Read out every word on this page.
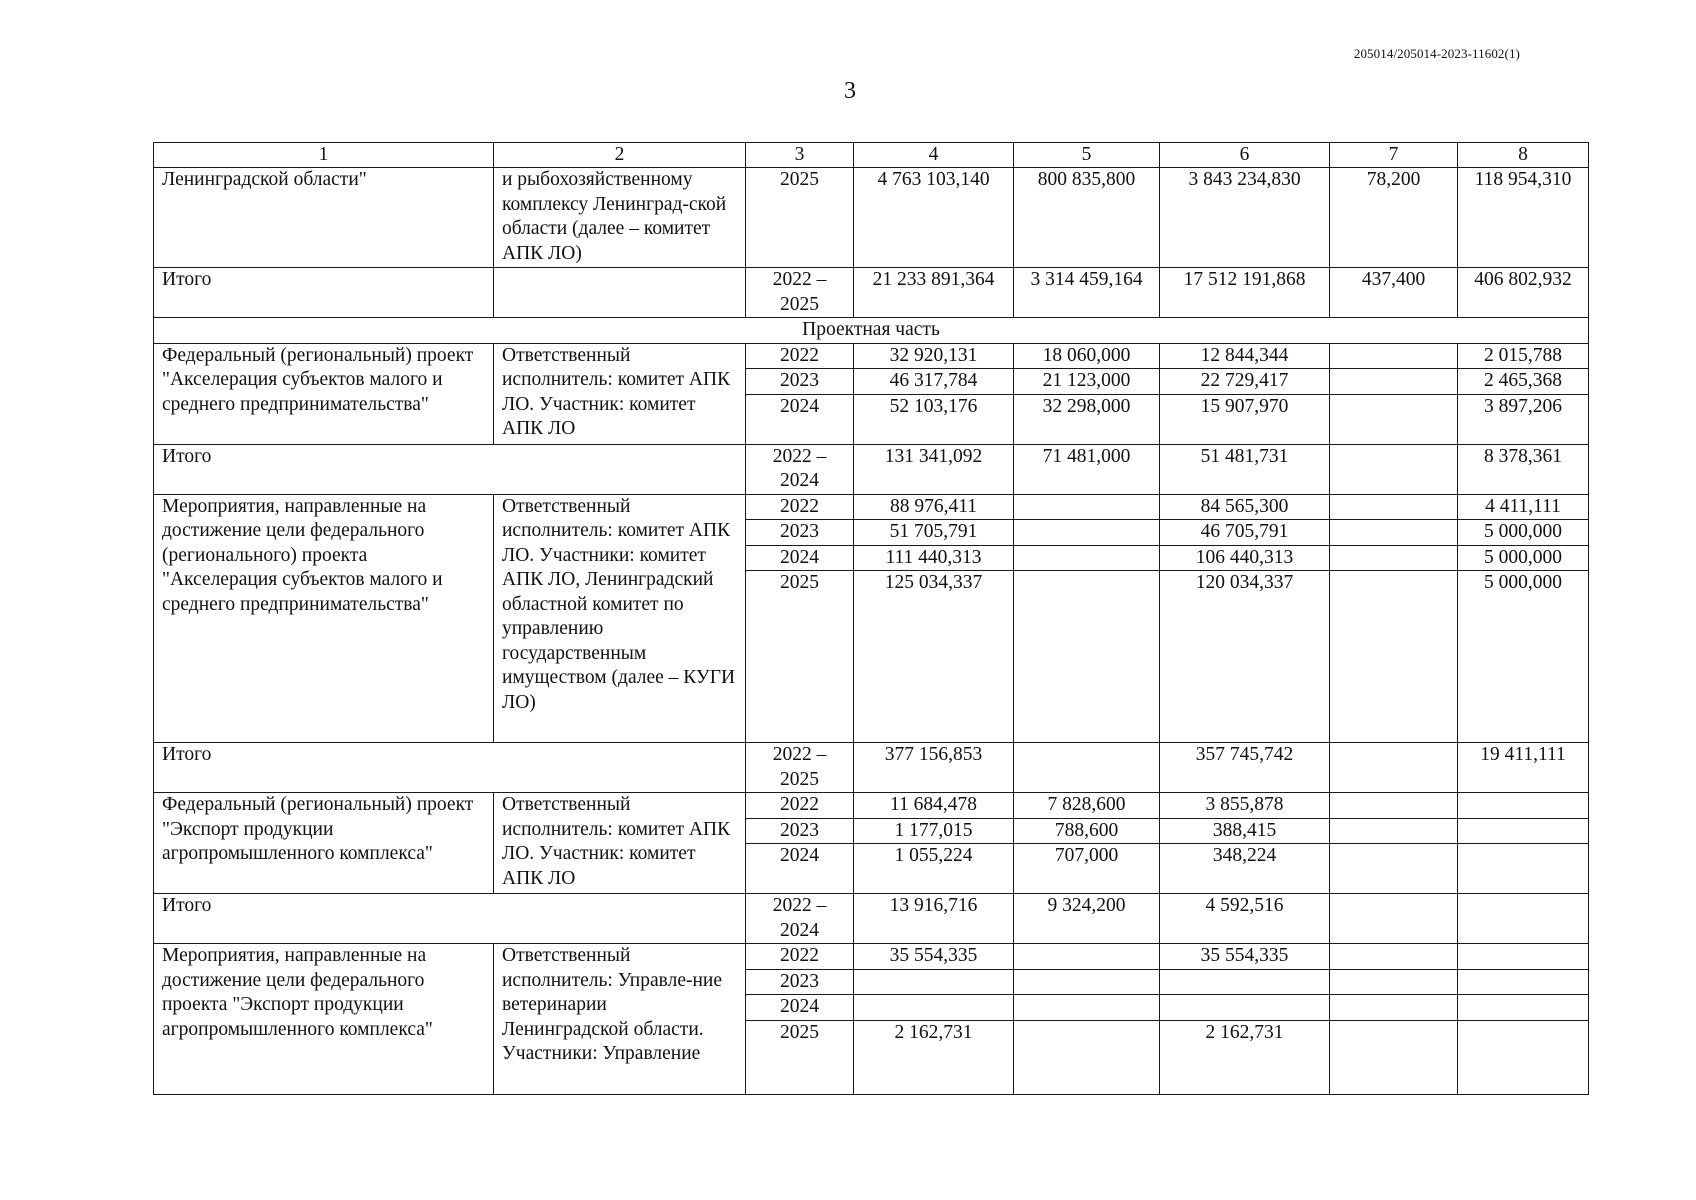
205014/205014-2023-11602(1)
3
1	2	3	4	5	6	7	8
Ленинградской области"	и рыбохозяйственному комплексу Ленинград-ской области (далее – комитет АПК ЛО)	2025	4 763 103,140	800 835,800	3 843 234,830	78,200	118 954,310
Итого		2022 – 2025	21 233 891,364	3 314 459,164	17 512 191,868	437,400	406 802,932
Проектная часть							
Федеральный (региональный) проект "Акселерация субъектов малого и среднего предпринимательства"	Ответственный исполнитель: комитет АПК ЛО. Участник: комитет АПК ЛО	2022	32 920,131	18 060,000	12 844,344		2 015,788
		2023	46 317,784	21 123,000	22 729,417		2 465,368
		2024	52 103,176	32 298,000	15 907,970		3 897,206
Итого		2022 – 2024	131 341,092	71 481,000	51 481,731		8 378,361
Мероприятия, направленные на достижение цели федерального (регионального) проекта "Акселерация субъектов малого и среднего предпринимательства"	Ответственный исполнитель: комитет АПК ЛО. Участники: комитет АПК ЛО, Ленинградский областной комитет по управлению государственным имуществом (далее – КУГИ ЛО)	2022	88 976,411		84 565,300		4 411,111
		2023	51 705,791		46 705,791		5 000,000
		2024	111 440,313		106 440,313		5 000,000
		2025	125 034,337		120 034,337		5 000,000
Итого		2022 – 2025	377 156,853		357 745,742		19 411,111
Федеральный (региональный) проект "Экспорт продукции агропромышленного комплекса"	Ответственный исполнитель: комитет АПК ЛО. Участник: комитет АПК ЛО	2022	11 684,478	7 828,600	3 855,878		
		2023	1 177,015	788,600	388,415		
		2024	1 055,224	707,000	348,224		
Итого		2022 – 2024	13 916,716	9 324,200	4 592,516		
Мероприятия, направленные на достижение цели федерального проекта "Экспорт продукции агропромышленного комплекса"	Ответственный исполнитель: Управле-ние ветеринарии Ленинградской области. Участники: Управление	2022	35 554,335		35 554,335		
		2023					
		2024					
		2025	2 162,731		2 162,731		
